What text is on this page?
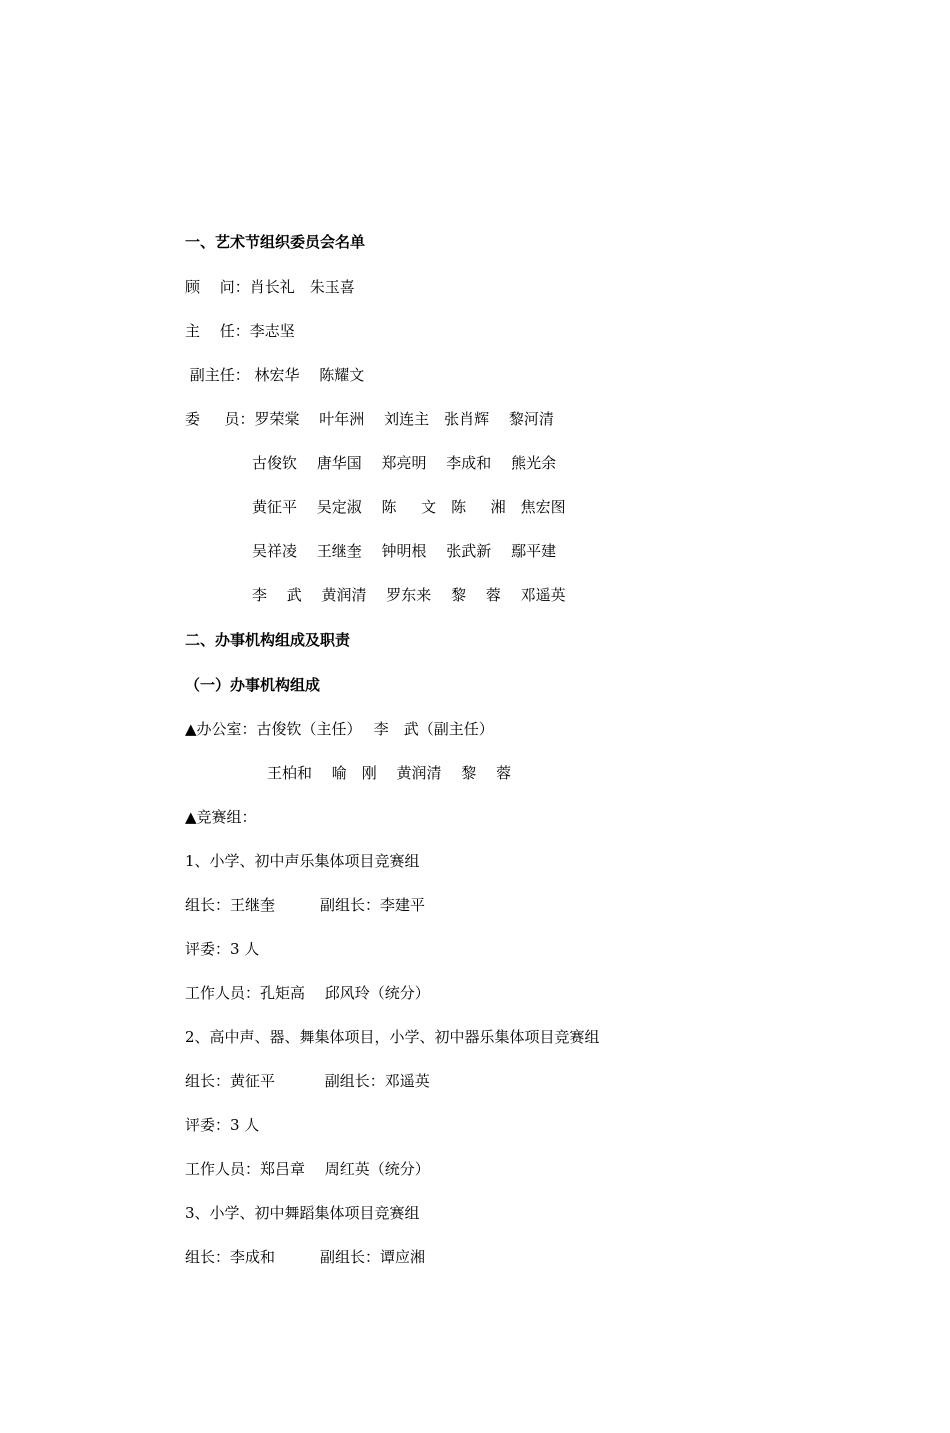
一、艺术节组织委员会名单
顾　 问：肖长礼　朱玉喜
主　 任：李志坚
副主任： 林宏华　 陈耀文
委　  员：罗荣棠　 叶年洲　 刘连主　张肖辉　 黎河清
古俊钦　 唐华国　 郑亮明　 李成和　 熊光余
黄征平　 吴定淑　 陈　  文　陈　  湘　焦宏图
吴祥凌　 王继奎　 钟明根　 张武新　 鄢平建
李　 武　 黄润清　 罗东来　 黎　 蓉　 邓遥英
二、办事机构组成及职责
（一）办事机构组成
▲办公室：古俊钦（主任）　 李　武（副主任）
王柏和　 喻　刚　 黄润清　 黎　 蓉
▲竞赛组：
1、小学、初中声乐集体项目竞赛组
组长：王继奎　　　副组长：李建平
评委：3 人
工作人员：孔矩高　 邱风玲（统分）
2、高中声、器、舞集体项目，小学、初中器乐集体项目竞赛组
组长：黄征平　　　 副组长：邓遥英
评委：3 人
工作人员：郑吕章　 周红英（统分）
3、小学、初中舞蹈集体项目竞赛组
组长：李成和　　　副组长：谭应湘
